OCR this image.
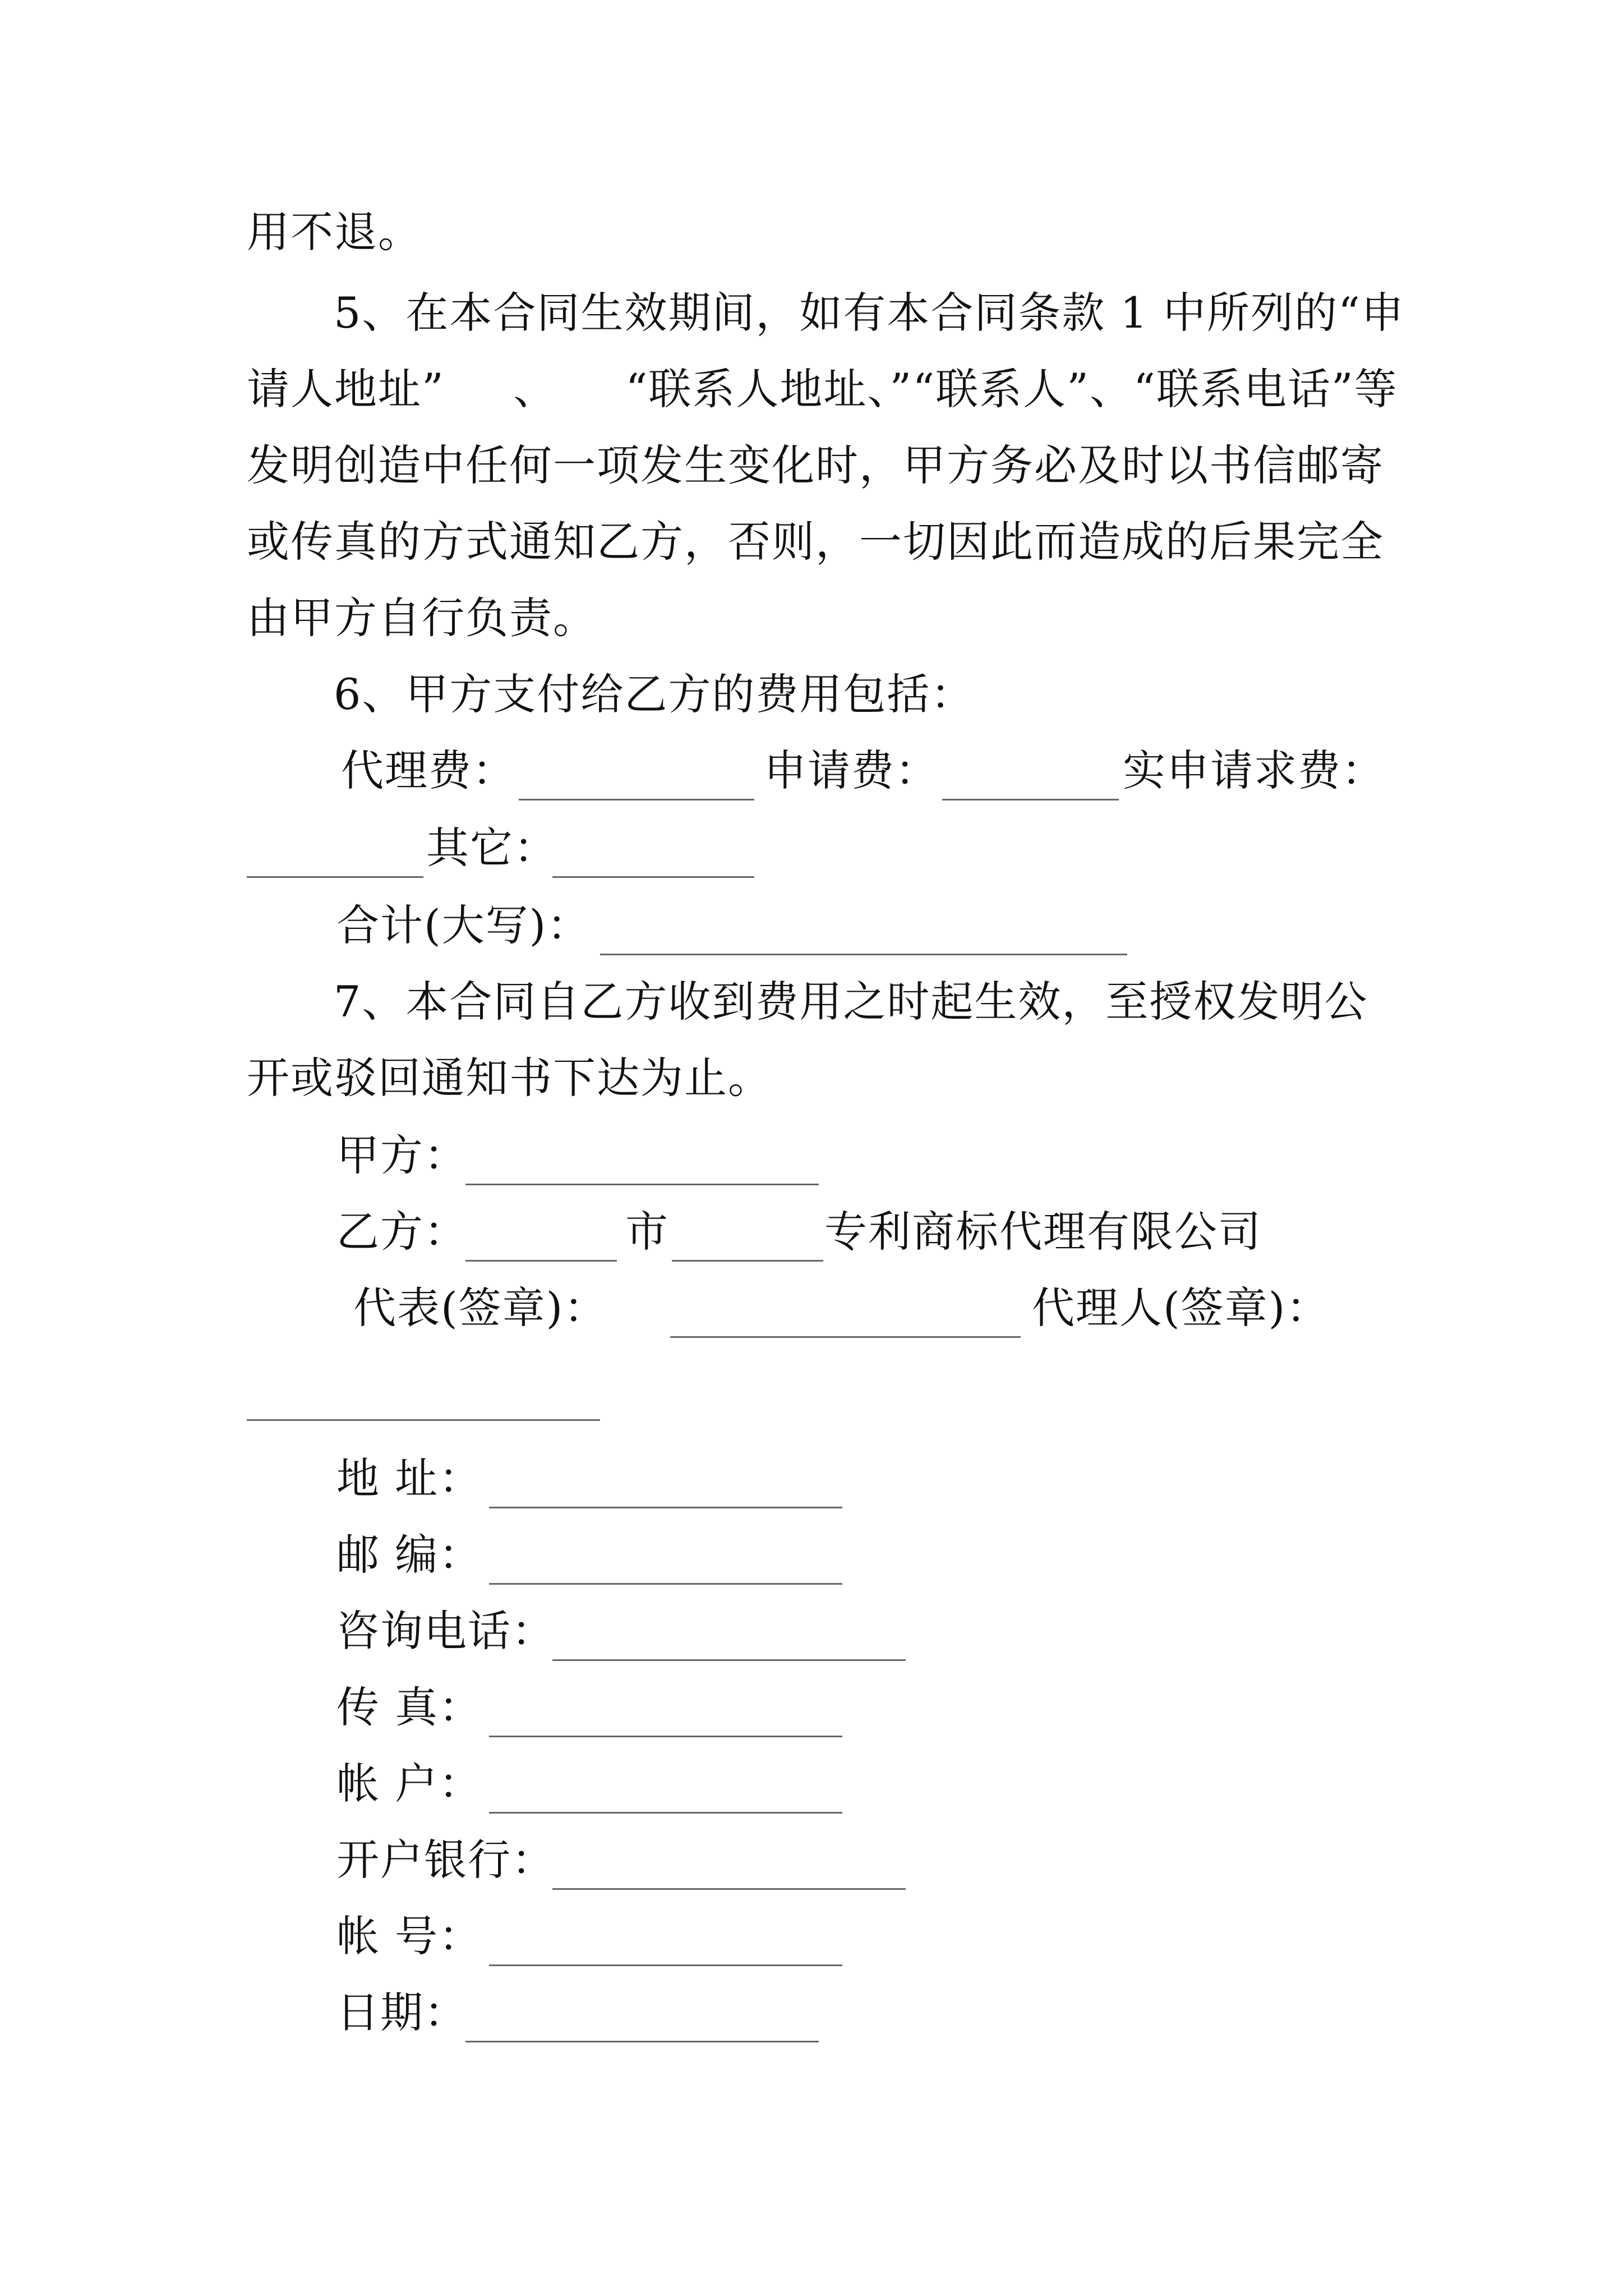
用不退。
5、在本合同生效期间，如有本合同条款 1 中所列的“申
请人地址” 、 “联系人地址、”“联系人”、“联系电话”等
发明创造中任何一项发生变化时，甲方务必及时以书信邮寄
或传真的方式通知乙方，否则，一切因此而造成的后果完全
由甲方自行负责。
6、甲方支付给乙方的费用包括：
代理费：	申请费：	实申请求费：
其它：
合计(大写)：
7、本合同自乙方收到费用之时起生效，至授权发明公
开或驳回通知书下达为止。
甲方：
乙方：	市	专利商标代理有限公司
代表(签章)：	代理人(签章)：
地 址：
邮 编：
咨询电话：
传 真：
帐 户：
开户银行：
帐 号：
日期：
